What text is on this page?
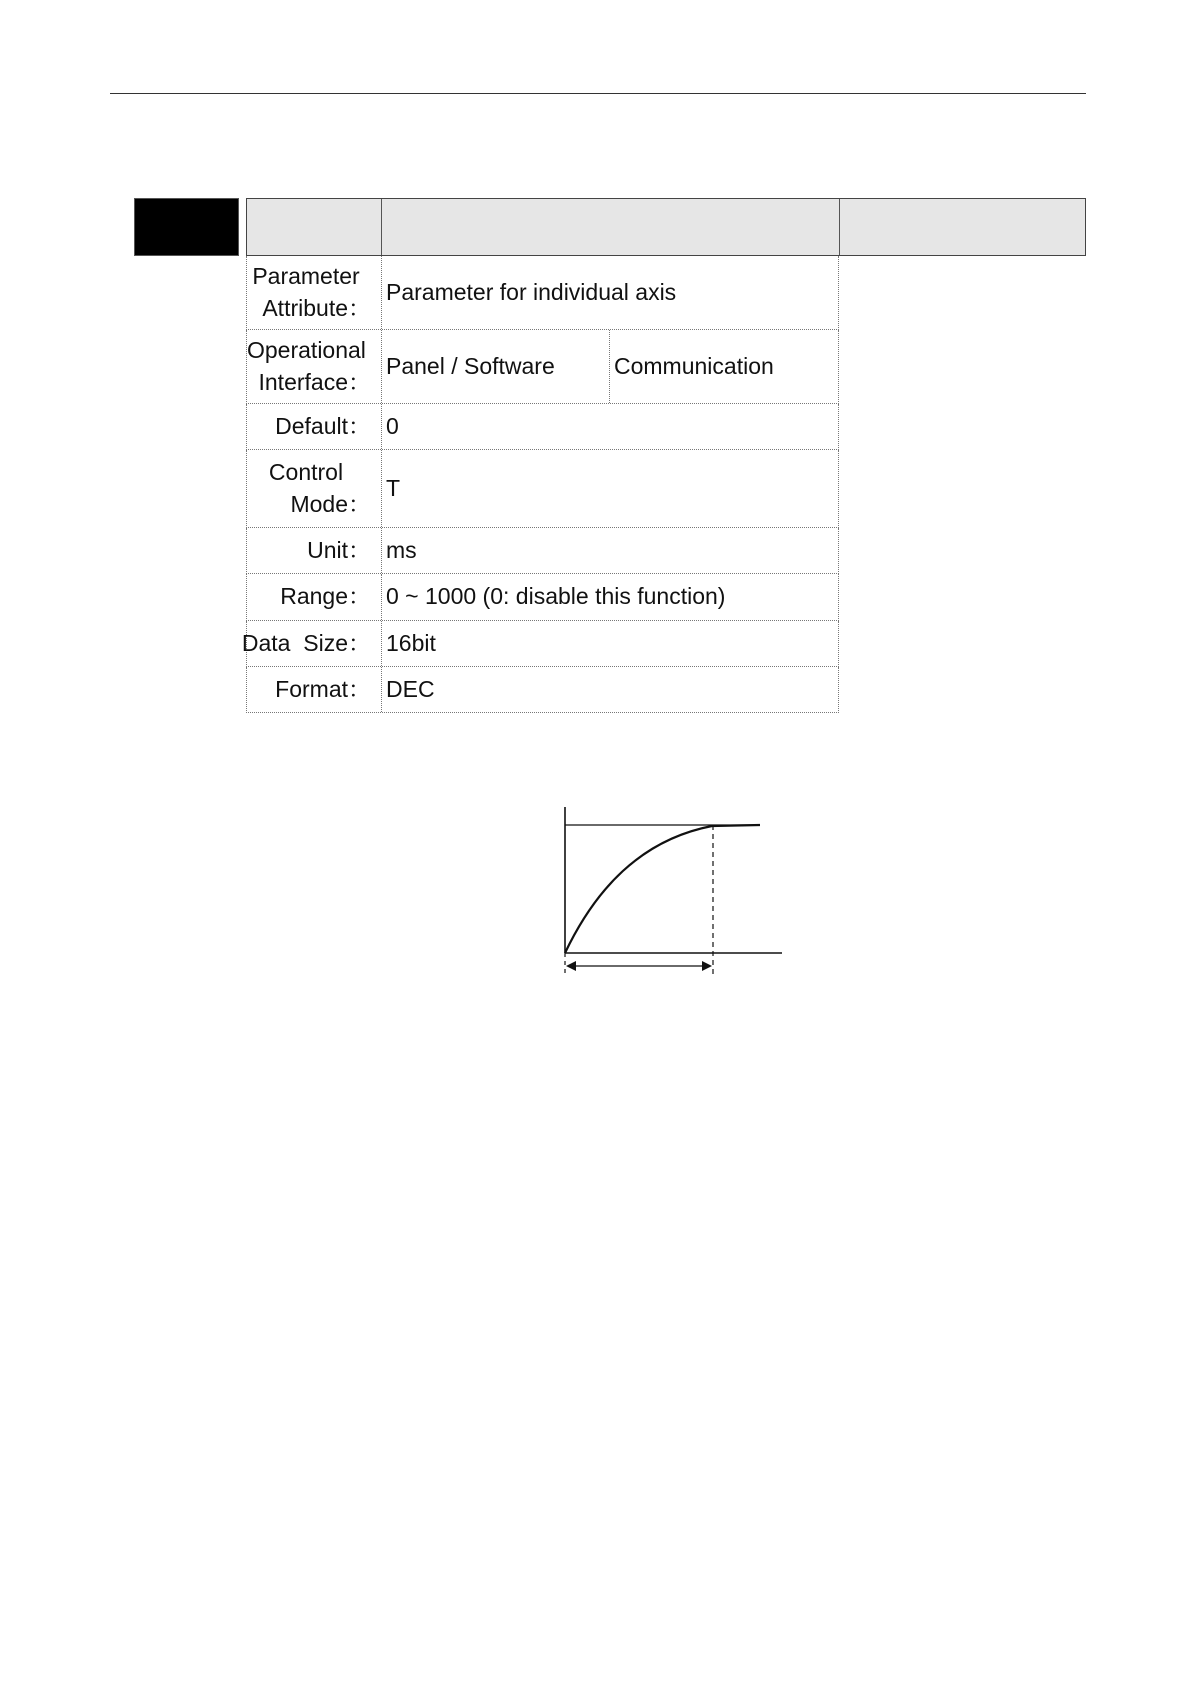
Parameter
Attribute：
Parameter for individual axis
Operational
Interface：
Panel / Software	Communication
Default： 0
Control
Mode：
T
Unit： ms
Range： 0 ~ 1000 (0: disable this function)
Data  Size： 16bit
Format： DEC
